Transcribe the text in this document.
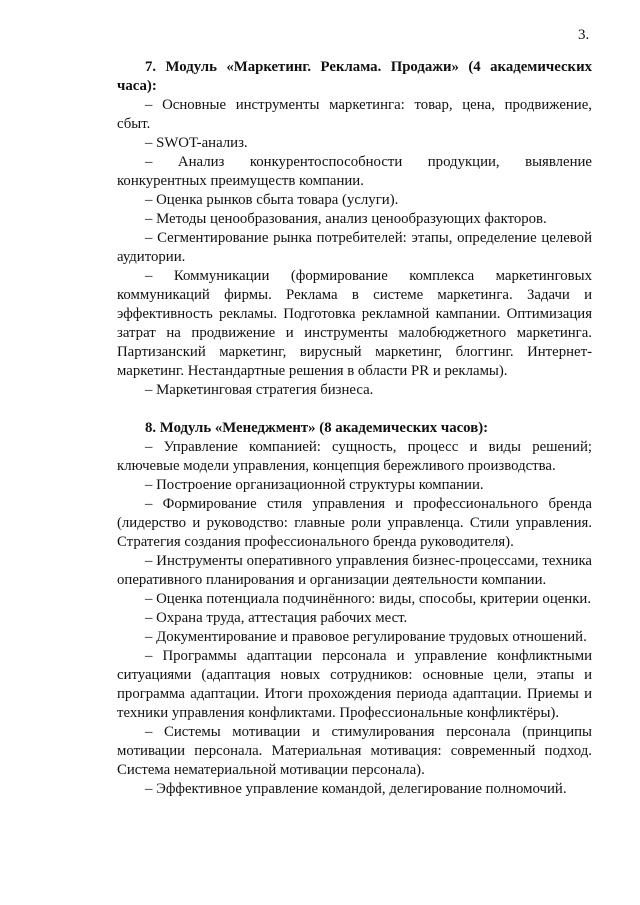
3.

7. Модуль «Маркетинг. Реклама. Продажи» (4 академических часа):

– Основные инструменты маркетинга: товар, цена, продвижение, сбыт.

– SWOT-анализ.

– Анализ конкурентоспособности продукции, выявление конкурентных преимуществ компании.

– Оценка рынков сбыта товара (услуги).

– Методы ценообразования, анализ ценообразующих факторов.

– Сегментирование рынка потребителей: этапы, определение целевой аудитории.

– Коммуникации (формирование комплекса маркетинговых коммуникаций фирмы. Реклама в системе маркетинга. Задачи и эффективность рекламы. Подготовка рекламной кампании. Оптимизация затрат на продвижение и инструменты малобюджетного маркетинга. Партизанский маркетинг, вирусный маркетинг, блоггинг. Интернет-маркетинг. Нестандартные решения в области PR и рекламы).

– Маркетинговая стратегия бизнеса.

8. Модуль «Менеджмент» (8 академических часов):

– Управление компанией: сущность, процесс и виды решений; ключевые модели управления, концепция бережливого производства.

– Построение организационной структуры компании.

– Формирование стиля управления и профессионального бренда (лидерство и руководство: главные роли управленца. Стили управления. Стратегия создания профессионального бренда руководителя).

– Инструменты оперативного управления бизнес-процессами, техника оперативного планирования и организации деятельности компании.

– Оценка потенциала подчинённого: виды, способы, критерии оценки.

– Охрана труда, аттестация рабочих мест.

– Документирование и правовое регулирование трудовых отношений.

– Программы адаптации персонала и управление конфликтными ситуациями (адаптация новых сотрудников: основные цели, этапы и программа адаптации. Итоги прохождения периода адаптации. Приемы и техники управления конфликтами. Профессиональные конфликтёры).

– Системы мотивации и стимулирования персонала (принципы мотивации персонала. Материальная мотивация: современный подход. Система нематериальной мотивации персонала).

– Эффективное управление командой, делегирование полномочий.
